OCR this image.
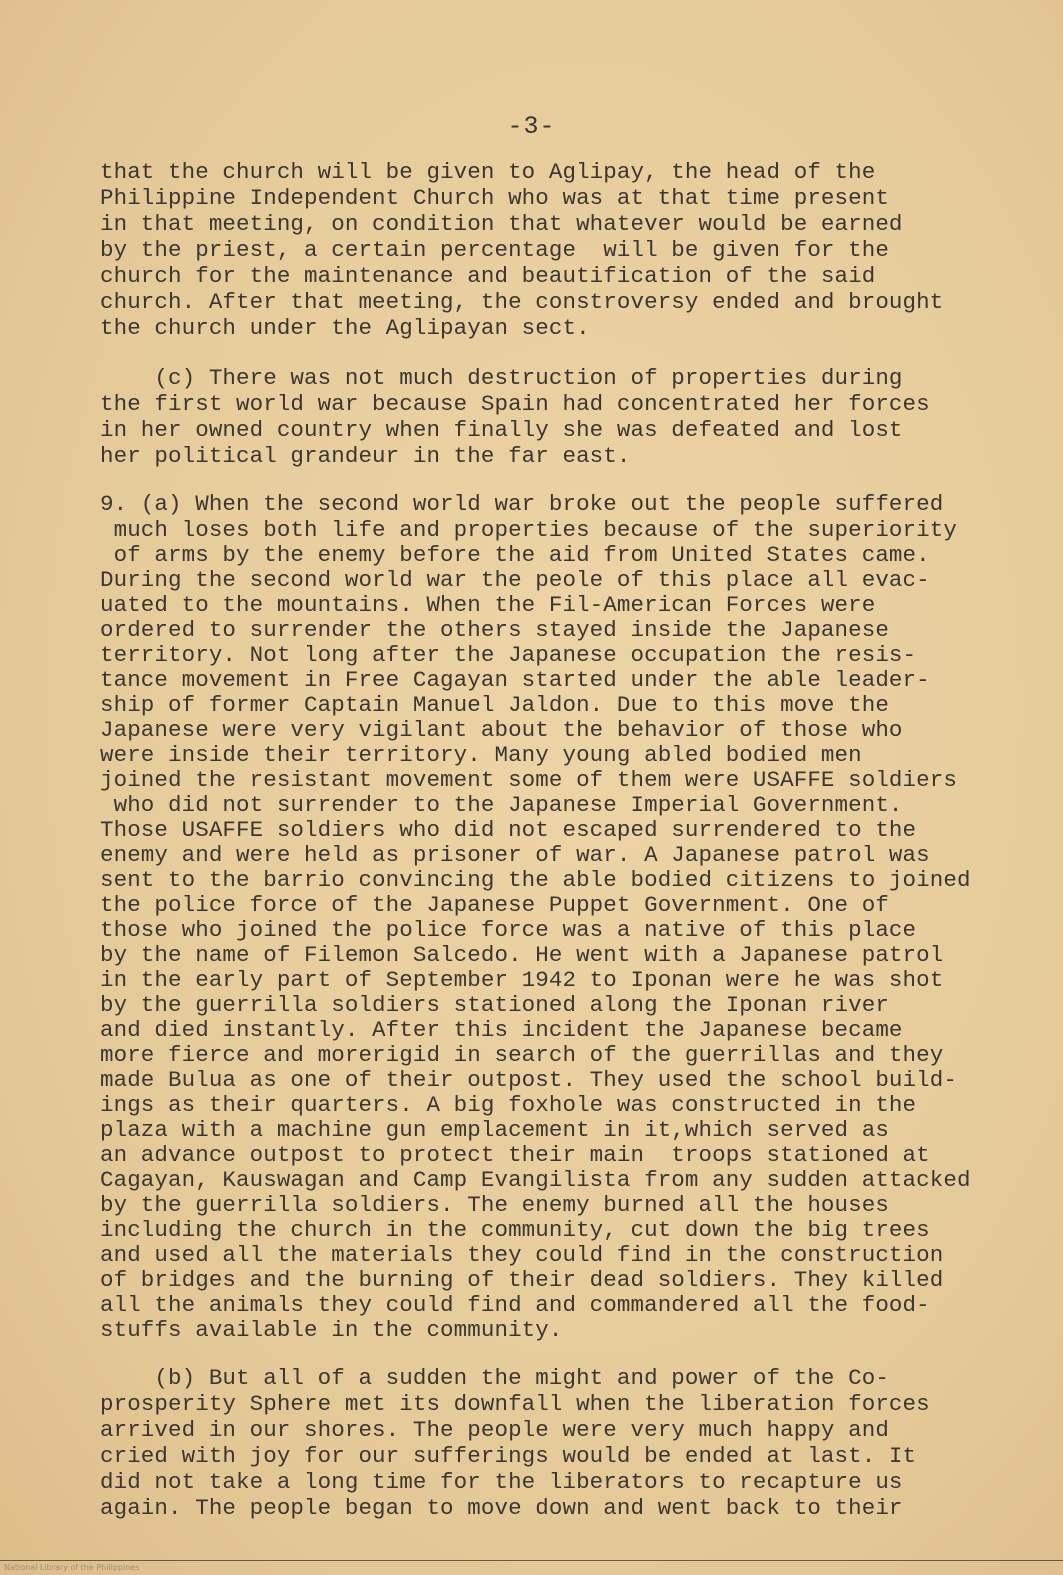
-3-
that the church will be given to Aglipay, the head of the
Philippine Independent Church who was at that time present
in that meeting, on condition that whatever would be earned
by the priest, a certain percentage  will be given for the
church for the maintenance and beautification of the said
church. After that meeting, the constroversy ended and brought
the church under the Aglipayan sect.
(c) There was not much destruction of properties during
the first world war because Spain had concentrated her forces
in her owned country when finally she was defeated and lost
her political grandeur in the far east.
9. (a) When the second world war broke out the people suffered
much loses both life and properties because of the superiority
of arms by the enemy before the aid from United States came.
During the second world war the peole of this place all evac-
uated to the mountains. When the Fil-American Forces were
ordered to surrender the others stayed inside the Japanese
territory. Not long after the Japanese occupation the resis-
tance movement in Free Cagayan started under the able leader-
ship of former Captain Manuel Jaldon. Due to this move the
Japanese were very vigilant about the behavior of those who
were inside their territory. Many young abled bodied men
joined the resistant movement some of them were USAFFE soldiers
who did not surrender to the Japanese Imperial Government.
Those USAFFE soldiers who did not escaped surrendered to the
enemy and were held as prisoner of war. A Japanese patrol was
sent to the barrio convincing the able bodied citizens to joined
the police force of the Japanese Puppet Government. One of
those who joined the police force was a native of this place
by the name of Filemon Salcedo. He went with a Japanese patrol
in the early part of September 1942 to Iponan were he was shot
by the guerrilla soldiers stationed along the Iponan river
and died instantly. After this incident the Japanese became
more fierce and morerigid in search of the guerrillas and they
made Bulua as one of their outpost. They used the school build-
ings as their quarters. A big foxhole was constructed in the
plaza with a machine gun emplacement in it,which served as
an advance outpost to protect their main  troops stationed at
Cagayan, Kauswagan and Camp Evangilista from any sudden attacked
by the guerrilla soldiers. The enemy burned all the houses
including the church in the community, cut down the big trees
and used all the materials they could find in the construction
of bridges and the burning of their dead soldiers. They killed
all the animals they could find and commandered all the food-
stuffs available in the community.
(b) But all of a sudden the might and power of the Co-
prosperity Sphere met its downfall when the liberation forces
arrived in our shores. The people were very much happy and
cried with joy for our sufferings would be ended at last. It
did not take a long time for the liberators to recapture us
again. The people began to move down and went back to their
National Library of the Philippines
